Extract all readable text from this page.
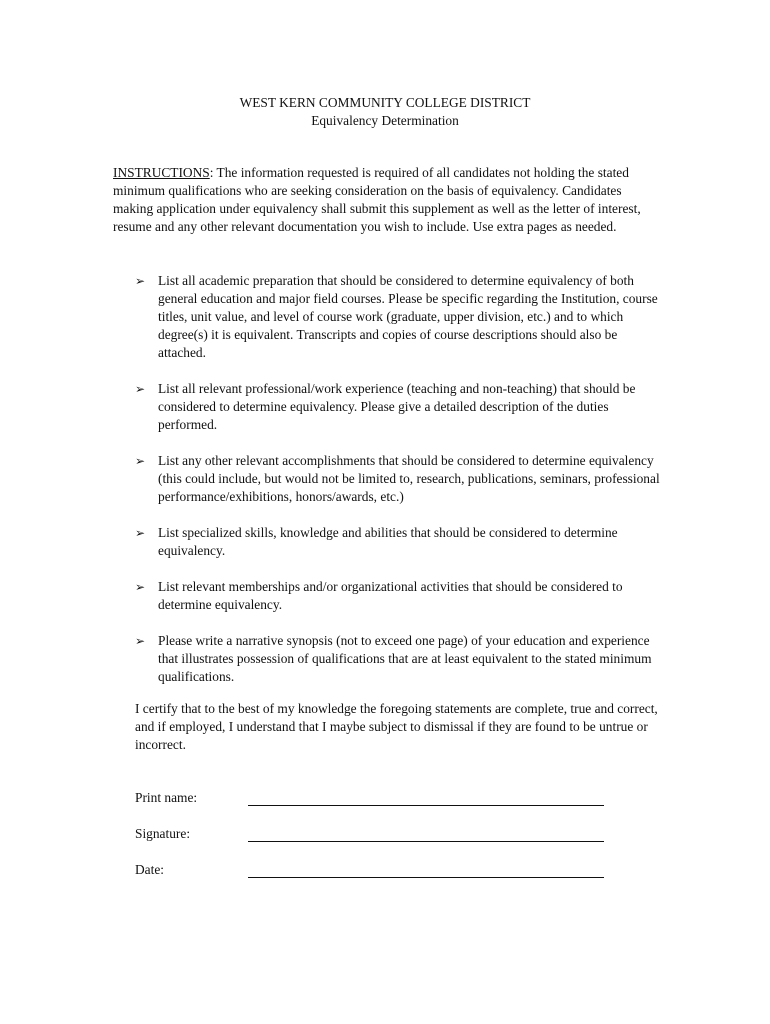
WEST KERN COMMUNITY COLLEGE DISTRICT
Equivalency Determination
INSTRUCTIONS: The information requested is required of all candidates not holding the stated minimum qualifications who are seeking consideration on the basis of equivalency. Candidates making application under equivalency shall submit this supplement as well as the letter of interest, resume and any other relevant documentation you wish to include. Use extra pages as needed.
➢ List all academic preparation that should be considered to determine equivalency of both general education and major field courses. Please be specific regarding the Institution, course titles, unit value, and level of course work (graduate, upper division, etc.) and to which degree(s) it is equivalent. Transcripts and copies of course descriptions should also be attached.
➢ List all relevant professional/work experience (teaching and non-teaching) that should be considered to determine equivalency. Please give a detailed description of the duties performed.
➢ List any other relevant accomplishments that should be considered to determine equivalency (this could include, but would not be limited to, research, publications, seminars, professional performance/exhibitions, honors/awards, etc.)
➢ List specialized skills, knowledge and abilities that should be considered to determine equivalency.
➢ List relevant memberships and/or organizational activities that should be considered to determine equivalency.
➢ Please write a narrative synopsis (not to exceed one page) of your education and experience that illustrates possession of qualifications that are at least equivalent to the stated minimum qualifications.
I certify that to the best of my knowledge the foregoing statements are complete, true and correct, and if employed, I understand that I maybe subject to dismissal if they are found to be untrue or incorrect.
Print name:
Signature:
Date:
